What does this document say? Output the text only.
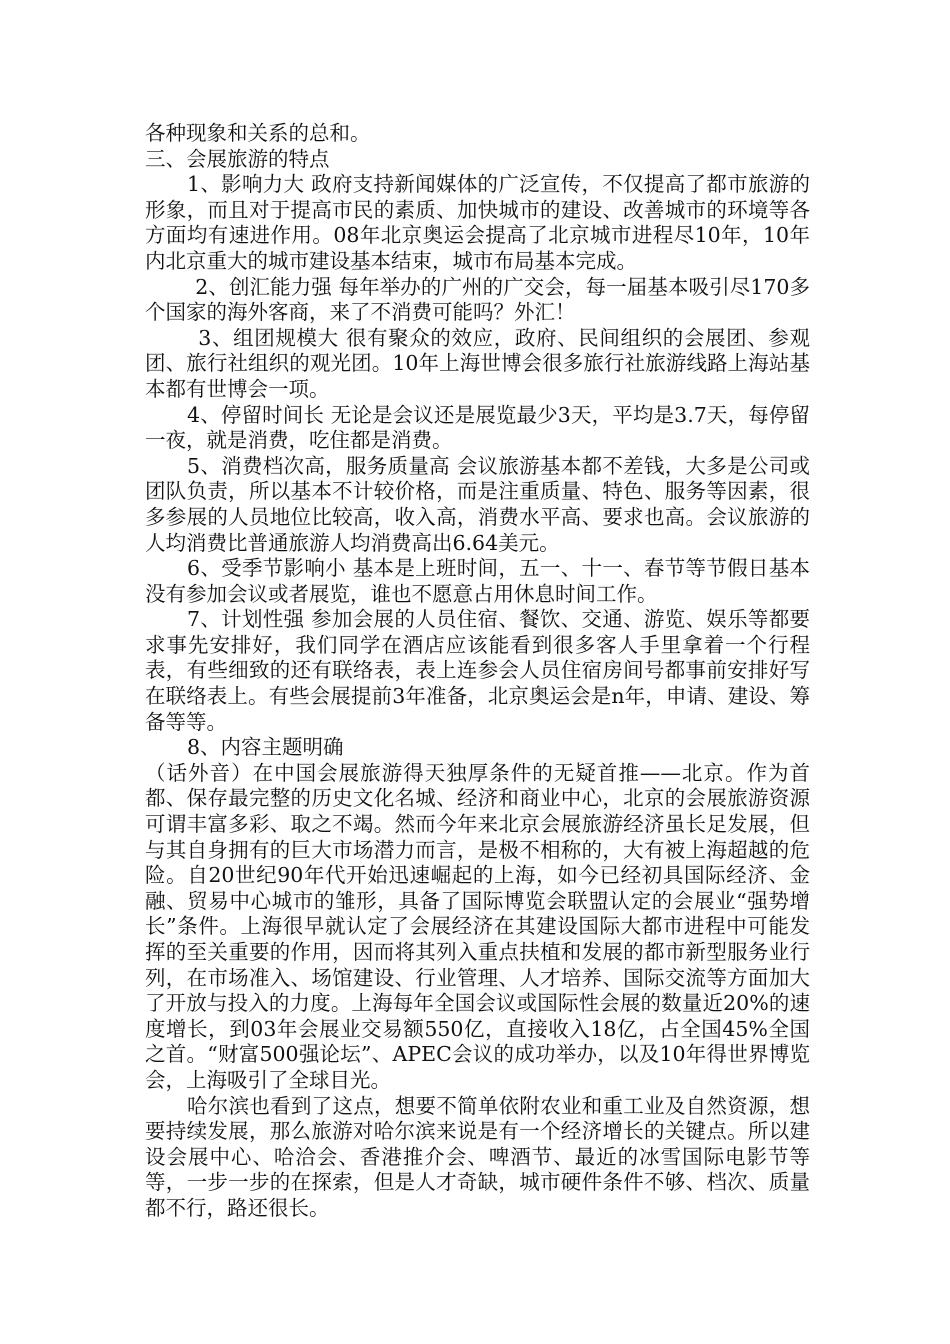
各种现象和关系的总和。

三、会展旅游的特点

1、影响力大 政府支持新闻媒体的广泛宣传，不仅提高了都市旅游的形象，而且对于提高市民的素质、加快城市的建设、改善城市的环境等各方面均有速进作用。08年北京奥运会提高了北京城市进程尽10年，10年内北京重大的城市建设基本结束，城市布局基本完成。

2、创汇能力强 每年举办的广州的广交会，每一届基本吸引尽170多个国家的海外客商，来了不消费可能吗？外汇！

3、组团规模大 很有聚众的效应，政府、民间组织的会展团、参观团、旅行社组织的观光团。10年上海世博会很多旅行社旅游线路上海站基本都有世博会一项。

4、停留时间长 无论是会议还是展览最少3天，平均是3.7天，每停留一夜，就是消费，吃住都是消费。

5、消费档次高，服务质量高 会议旅游基本都不差钱，大多是公司或团队负责，所以基本不计较价格，而是注重质量、特色、服务等因素，很多参展的人员地位比较高，收入高，消费水平高、要求也高。会议旅游的人均消费比普通旅游人均消费高出6.64美元。

6、受季节影响小 基本是上班时间，五一、十一、春节等节假日基本没有参加会议或者展览，谁也不愿意占用休息时间工作。

7、计划性强 参加会展的人员住宿、餐饮、交通、游览、娱乐等都要求事先安排好，我们同学在酒店应该能看到很多客人手里拿着一个行程表，有些细致的还有联络表，表上连参会人员住宿房间号都事前安排好写在联络表上。有些会展提前3年准备，北京奥运会是n年，申请、建设、筹备等等。

8、内容主题明确

（话外音）在中国会展旅游得天独厚条件的无疑首推——北京。作为首都、保存最完整的历史文化名城、经济和商业中心，北京的会展旅游资源可谓丰富多彩、取之不竭。然而今年来北京会展旅游经济虽长足发展，但与其自身拥有的巨大市场潜力而言，是极不相称的，大有被上海超越的危险。自20世纪90年代开始迅速崛起的上海，如今已经初具国际经济、金融、贸易中心城市的雏形，具备了国际博览会联盟认定的会展业“强势增长”条件。上海很早就认定了会展经济在其建设国际大都市进程中可能发挥的至关重要的作用，因而将其列入重点扶植和发展的都市新型服务业行列，在市场准入、场馆建设、行业管理、人才培养、国际交流等方面加大了开放与投入的力度。上海每年全国会议或国际性会展的数量近20%的速度增长，到03年会展业交易额550亿，直接收入18亿，占全国45%全国之首。“财富500强论坛”、APEC会议的成功举办，以及10年得世界博览会，上海吸引了全球目光。

哈尔滨也看到了这点，想要不简单依附农业和重工业及自然资源，想要持续发展，那么旅游对哈尔滨来说是有一个经济增长的关键点。所以建设会展中心、哈洽会、香港推介会、啤酒节、最近的冰雪国际电影节等等，一步一步的在探索，但是人才奇缺，城市硬件条件不够、档次、质量都不行，路还很长。
